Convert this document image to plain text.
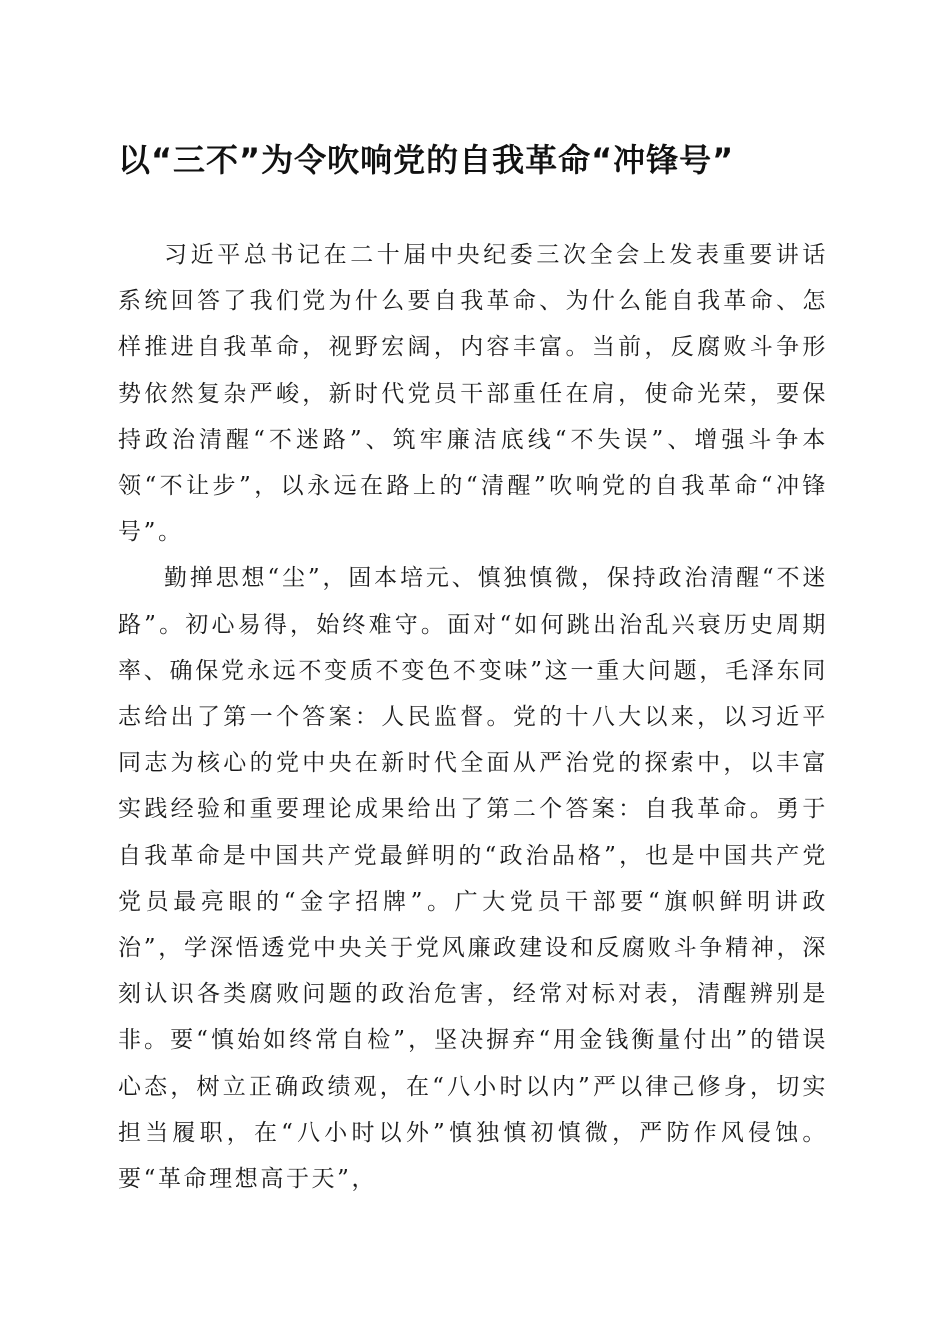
以“三不”为令吹响党的自我革命“冲锋号”

习近平总书记在二十届中央纪委三次全会上发表重要讲话系统回答了我们党为什么要自我革命、为什么能自我革命、怎样推进自我革命，视野宏阔，内容丰富。当前，反腐败斗争形势依然复杂严峻，新时代党员干部重任在肩，使命光荣，要保持政治清醒“不迷路”、筑牢廉洁底线“不失误”、增强斗争本领“不让步”，以永远在路上的“清醒”吹响党的自我革命“冲锋号”。

勤掸思想“尘”，固本培元、慎独慎微，保持政治清醒“不迷路”。初心易得，始终难守。面对“如何跳出治乱兴衰历史周期率、确保党永远不变质不变色不变味”这一重大问题，毛泽东同志给出了第一个答案：人民监督。党的十八大以来，以习近平同志为核心的党中央在新时代全面从严治党的探索中，以丰富实践经验和重要理论成果给出了第二个答案：自我革命。勇于自我革命是中国共产党最鲜明的“政治品格”，也是中国共产党党员最亮眼的“金字招牌”。广大党员干部要“旗帜鲜明讲政治”，学深悟透党中央关于党风廉政建设和反腐败斗争精神，深刻认识各类腐败问题的政治危害，经常对标对表，清醒辨别是非。要“慎始如终常自检”，坚决摒弃“用金钱衡量付出”的错误心态，树立正确政绩观，在“八小时以内”严以律己修身，切实担当履职，在“八小时以外”慎独慎初慎微，严防作风侵蚀。要“革命理想高于天”，
